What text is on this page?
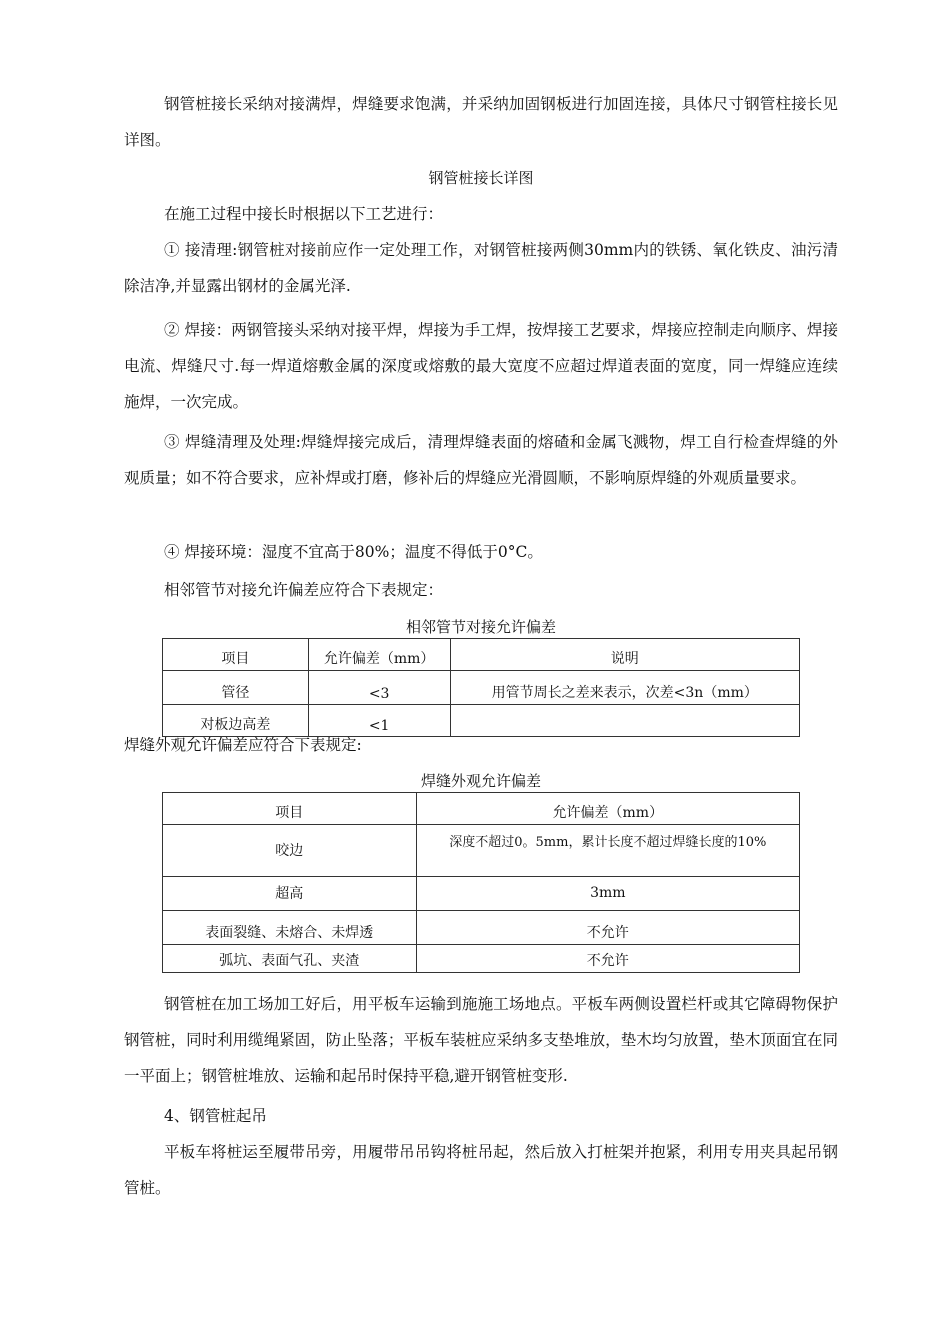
钢管桩接长采纳对接满焊，焊缝要求饱满，并采纳加固钢板进行加固连接，具体尺寸钢管柱接长见详图。

钢管桩接长详图

在施工过程中接长时根据以下工艺进行：

① 接清理:钢管桩对接前应作一定处理工作，对钢管桩接两侧30mm内的铁锈、氧化铁皮、油污清除洁净,并显露出钢材的金属光泽.

② 焊接：两钢管接头采纳对接平焊，焊接为手工焊，按焊接工艺要求，焊接应控制走向顺序、焊接电流、焊缝尺寸.每一焊道熔敷金属的深度或熔敷的最大宽度不应超过焊道表面的宽度，同一焊缝应连续施焊，一次完成。

③ 焊缝清理及处理:焊缝焊接完成后，清理焊缝表面的熔碴和金属飞溅物，焊工自行检查焊缝的外观质量；如不符合要求，应补焊或打磨，修补后的焊缝应光滑圆顺，不影响原焊缝的外观质量要求。

④ 焊接环境：湿度不宜高于80%；温度不得低于0°C。

相邻管节对接允许偏差应符合下表规定：

相邻管节对接允许偏差

项目	允许偏差（mm）	说明
管径	<3	用管节周长之差来表示，次差<3n（mm）
对板边高差	<1	

焊缝外观允许偏差应符合下表规定:

焊缝外观允许偏差

项目	允许偏差（mm）
咬边	深度不超过0。5mm，累计长度不超过焊缝长度的10%
超高	3mm
表面裂缝、未熔合、未焊透	不允许
弧坑、表面气孔、夹渣	不允许

钢管桩在加工场加工好后，用平板车运输到施施工场地点。平板车两侧设置栏杆或其它障碍物保护钢管桩，同时利用缆绳紧固，防止坠落；平板车装桩应采纳多支垫堆放，垫木均匀放置，垫木顶面宜在同一平面上；钢管桩堆放、运输和起吊时保持平稳,避开钢管桩变形.

4、钢管桩起吊

平板车将桩运至履带吊旁，用履带吊吊钩将桩吊起，然后放入打桩架并抱紧，利用专用夹具起吊钢管桩。
